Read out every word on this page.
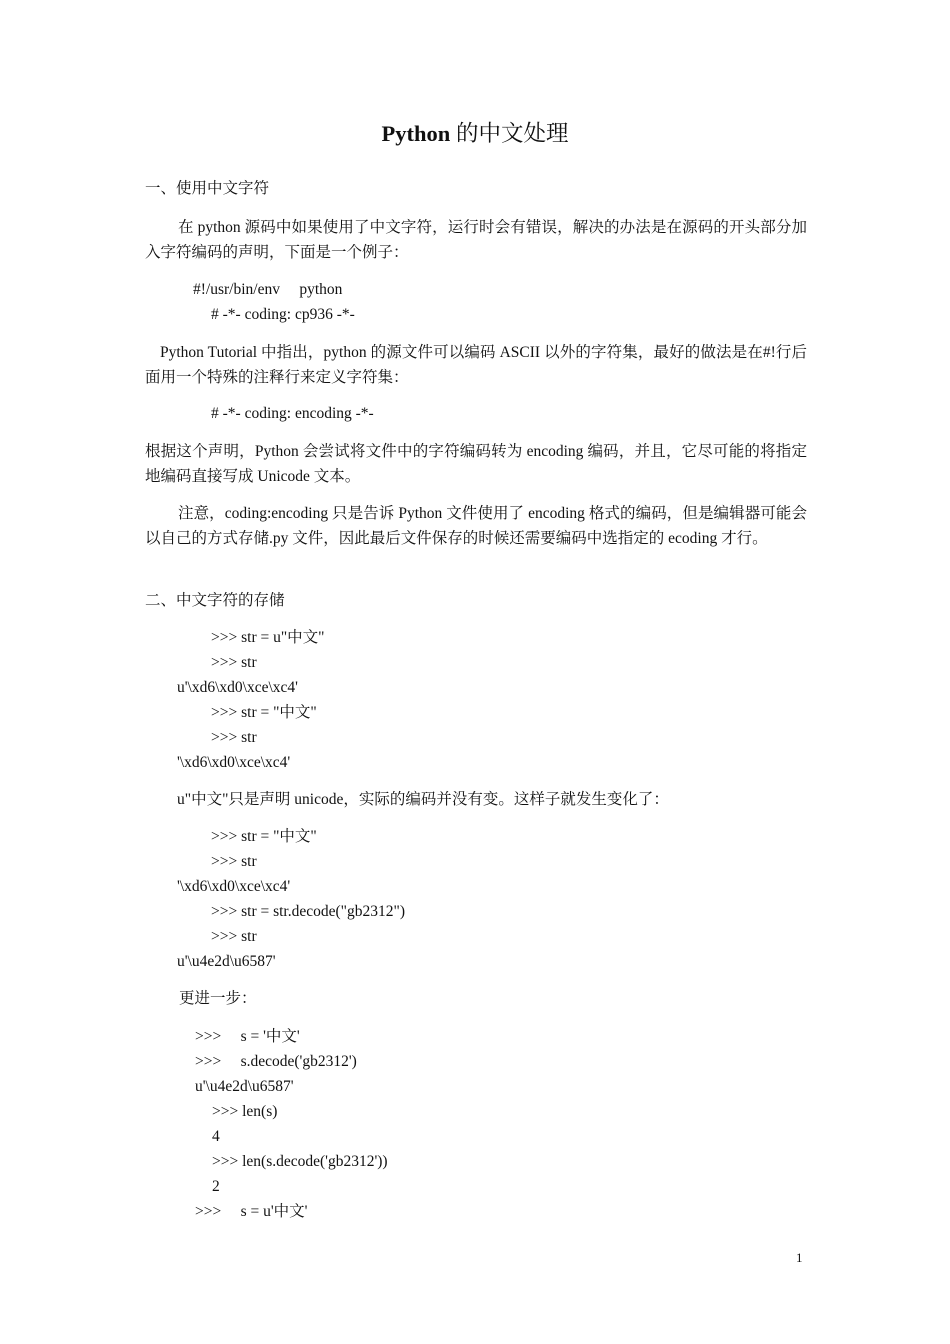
Python 的中文处理
一、使用中文字符
在 python 源码中如果使用了中文字符，运行时会有错误，解决的办法是在源码的开头部分加入字符编码的声明，下面是一个例子：
#!/usr/bin/env     python
# -*- coding: cp936 -*-
Python Tutorial 中指出，python 的源文件可以编码 ASCII 以外的字符集，最好的做法是在#!行后面用一个特殊的注释行来定义字符集：
# -*- coding: encoding -*-
根据这个声明，Python 会尝试将文件中的字符编码转为 encoding 编码，并且，它尽可能的将指定地编码直接写成 Unicode 文本。
注意，coding:encoding 只是告诉 Python 文件使用了 encoding 格式的编码，但是编辑器可能会以自己的方式存储.py 文件，因此最后文件保存的时候还需要编码中选指定的 ecoding 才行。
二、中文字符的存储
>>> str = u"中文"
>>> str
u'\xd6\xd0\xce\xc4'
>>> str = "中文"
>>> str
'\xd6\xd0\xce\xc4'
u"中文"只是声明 unicode，实际的编码并没有变。这样子就发生变化了：
>>> str = "中文"
>>> str
'\xd6\xd0\xce\xc4'
>>> str = str.decode("gb2312")
>>> str
u'\u4e2d\u6587'
更进一步：
>>>     s = '中文'
>>>     s.decode('gb2312')
u'\u4e2d\u6587'
>>> len(s)
4
>>> len(s.decode('gb2312'))
2
>>>     s = u'中文'
1
